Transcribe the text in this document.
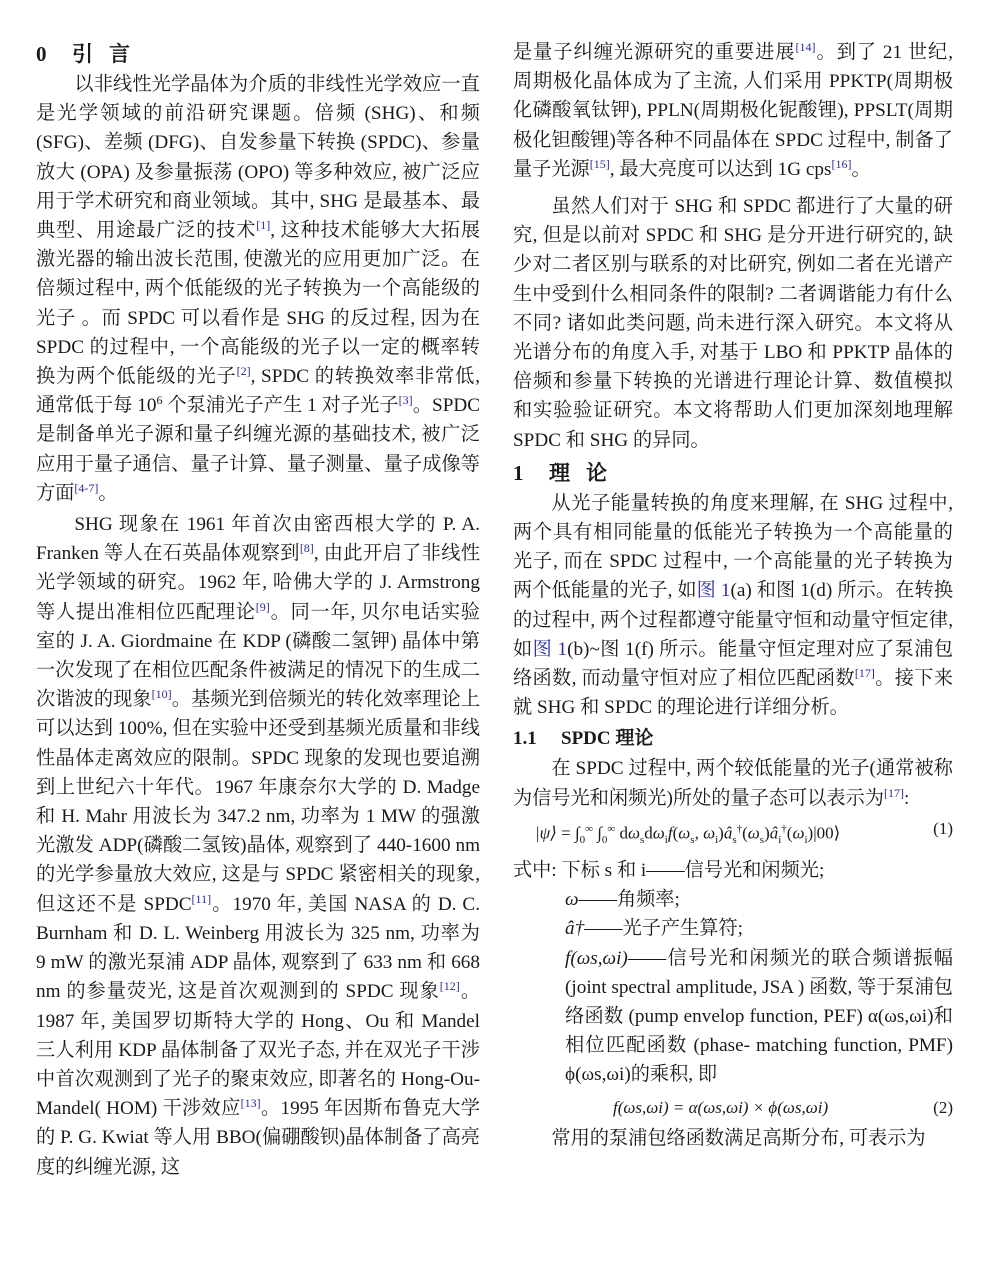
0 引言

以非线性光学晶体为介质的非线性光学效应一直是光学领域的前沿研究课题。倍频 (SHG)、和频 (SFG)、差频 (DFG)、自发参量下转换 (SPDC)、参量放大 (OPA) 及参量振荡 (OPO) 等多种效应, 被广泛应用于学术研究和商业领域。其中, SHG 是最基本、最典型、用途最广泛的技术[1], 这种技术能够大大拓展激光器的输出波长范围, 使激光的应用更加广泛。在倍频过程中, 两个低能级的光子转换为一个高能级的光子 。而 SPDC 可以看作是 SHG 的反过程, 因为在 SPDC 的过程中, 一个高能级的光子以一定的概率转换为两个低能级的光子[2], SPDC 的转换效率非常低, 通常低于每 $10^6$ 个泵浦光子产生 1 对子光子[3]。SPDC 是制备单光子源和量子纠缠光源的基础技术, 被广泛应用于量子通信、量子计算、量子测量、量子成像等方面[4-7]。

SHG 现象在 1961 年首次由密西根大学的 P. A. Franken 等人在石英晶体观察到[8], 由此开启了非线性光学领域的研究。1962 年, 哈佛大学的 J. Armstrong 等人提出准相位匹配理论[9]。同一年, 贝尔电话实验室的 J. A. Giordmaine 在 KDP (磷酸二氢钾) 晶体中第一次发现了在相位匹配条件被满足的情况下的生成二次谐波的现象[10]。基频光到倍频光的转化效率理论上可以达到 100%, 但在实验中还受到基频光质量和非线性晶体走离效应的限制。SPDC 现象的发现也要追溯到上世纪六十年代。1967 年康奈尔大学的 D. Madge 和 H. Mahr 用波长为 347.2 nm, 功率为 1 MW 的强激光激发 ADP(磷酸二氢铵)晶体, 观察到了 440-1600 nm 的光学参量放大效应, 这是与 SPDC 紧密相关的现象, 但这还不是 SPDC[11]。1970 年, 美国 NASA 的 D. C. Burnham 和 D. L. Weinberg 用波长为 325 nm, 功率为 9 mW 的激光泵浦 ADP 晶体, 观察到了 633 nm 和 668 nm 的参量荧光, 这是首次观测到的 SPDC 现象[12]。1987 年, 美国罗切斯特大学的 Hong、Ou 和 Mandel 三人利用 KDP 晶体制备了双光子态, 并在双光子干涉中首次观测到了光子的聚束效应, 即著名的 Hong-Ou-Mandel( HOM) 干涉效应[13]。1995 年因斯布鲁克大学的 P. G. Kwiat 等人用 BBO(偏硼酸钡)晶体制备了高亮度的纠缠光源, 这

是量子纠缠光源研究的重要进展[14]。到了 21 世纪, 周期极化晶体成为了主流, 人们采用 PPKTP(周期极化磷酸氧钛钾), PPLN(周期极化铌酸锂), PPSLT(周期极化钽酸锂)等各种不同晶体在 SPDC 过程中, 制备了量子光源[15], 最大亮度可以达到 1G cps[16]。

虽然人们对于 SHG 和 SPDC 都进行了大量的研究, 但是以前对 SPDC 和 SHG 是分开进行研究的, 缺少对二者区别与联系的对比研究, 例如二者在光谱产生中受到什么相同条件的限制? 二者调谐能力有什么不同? 诸如此类问题, 尚未进行深入研究。本文将从光谱分布的角度入手, 对基于 LBO 和 PPKTP 晶体的倍频和参量下转换的光谱进行理论计算、数值模拟和实验验证研究。本文将帮助人们更加深刻地理解 SPDC 和 SHG 的异同。

1 理论

从光子能量转换的角度来理解, 在 SHG 过程中, 两个具有相同能量的低能光子转换为一个高能量的光子, 而在 SPDC 过程中, 一个高能量的光子转换为两个低能量的光子, 如图 1(a) 和图 1(d) 所示。在转换的过程中, 两个过程都遵守能量守恒和动量守恒定律, 如图 1(b)~图 1(f) 所示。能量守恒定理对应了泵浦包络函数, 而动量守恒对应了相位匹配函数[17]。接下来就 SHG 和 SPDC 的理论进行详细分析。

1.1 SPDC 理论

在 SPDC 过程中, 两个较低能量的光子(通常被称为信号光和闲频光)所处的量子态可以表示为[17]:

|ψ⟩ = $\int_0^\infty$ $\int_0^\infty$ $d\omega_sd\omega_if(\omega_s$, $\omega_i)â_s^\dagger(\omega_s)â_i^\dagger(\omega_i)|00⟩$	(1)
式中: 下标 s 和 i——信号光和闲频光;
ω——角频率;
â†——光子产生算符;
f(ωs,ωi)——信号光和闲频光的联合频谱振幅 (joint spectral amplitude, JSA ) 函数, 等于泵浦包络函数 (pump envelop function, PEF) α(ωs,ωi)和相位匹配函数 (phase- matching function, PMF) ϕ(ωs,ωi)的乘积, 即
f(ωs,ωi) = α(ωs,ωi) × ϕ(ωs,ωi)	(2)

常用的泵浦包络函数满足高斯分布, 可表示为
